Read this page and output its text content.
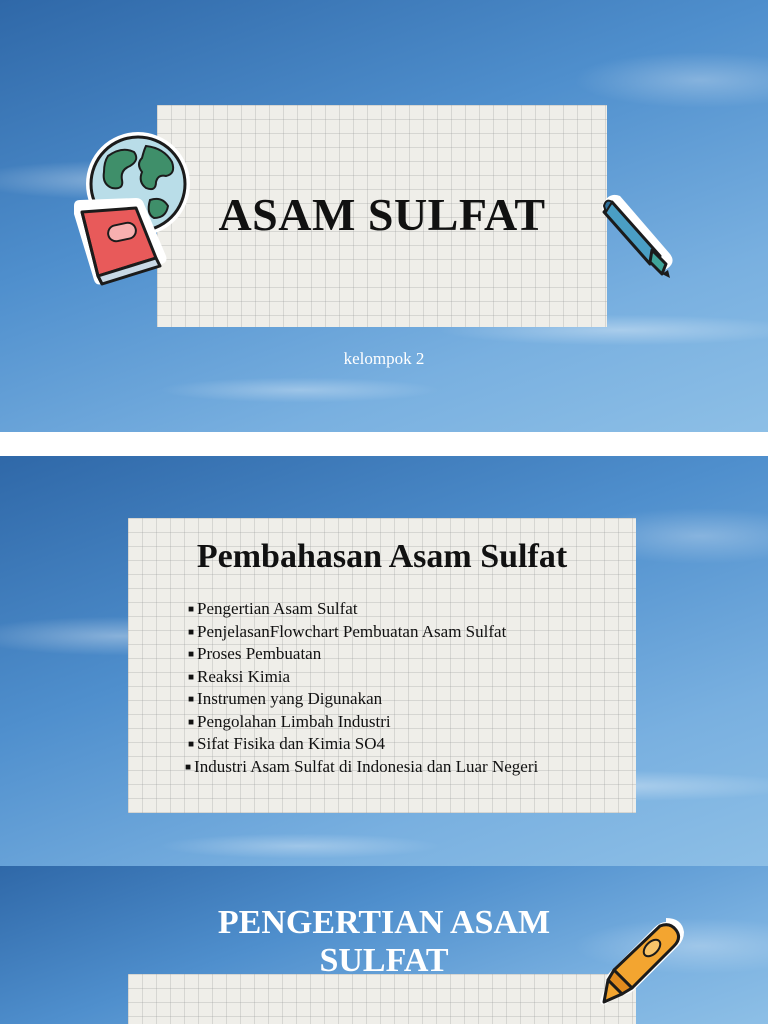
ASAM SULFAT
kelompok 2
Pembahasan Asam Sulfat
■ Pengertian Asam Sulfat
■ PenjelasanFlowchart Pembuatan Asam Sulfat
■ Proses Pembuatan
■ Reaksi Kimia
■ Instrumen yang Digunakan
■ Pengolahan Limbah Industri
■ Sifat Fisika dan Kimia SO4
■ Industri Asam Sulfat di Indonesia dan Luar Negeri
PENGERTIAN ASAM
SULFAT
